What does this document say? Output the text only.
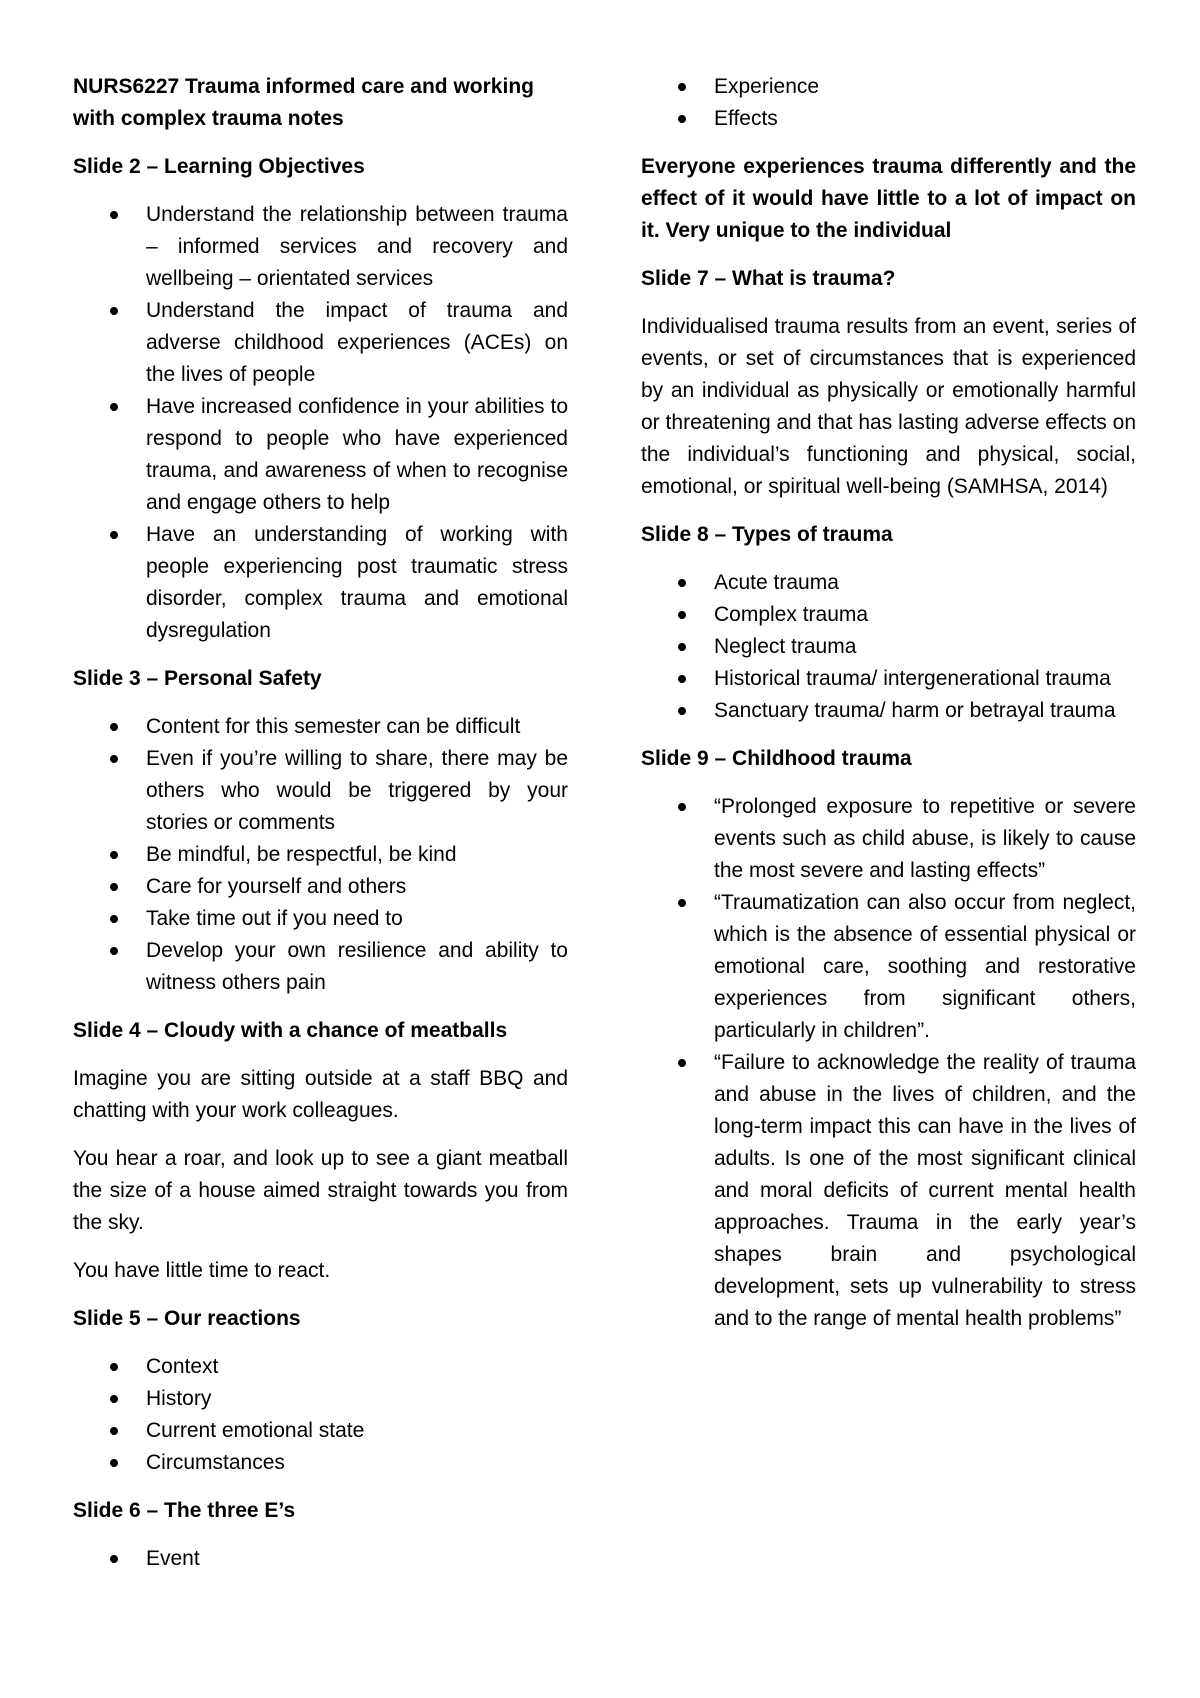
NURS6227 Trauma informed care and working with complex trauma notes
Slide 2 – Learning Objectives
Understand the relationship between trauma – informed services and recovery and wellbeing – orientated services
Understand the impact of trauma and adverse childhood experiences (ACEs) on the lives of people
Have increased confidence in your abilities to respond to people who have experienced trauma, and awareness of when to recognise and engage others to help
Have an understanding of working with people experiencing post traumatic stress disorder, complex trauma and emotional dysregulation
Slide 3 – Personal Safety
Content for this semester can be difficult
Even if you’re willing to share, there may be others who would be triggered by your stories or comments
Be mindful, be respectful, be kind
Care for yourself and others
Take time out if you need to
Develop your own resilience and ability to witness others pain
Slide 4 – Cloudy with a chance of meatballs

Imagine you are sitting outside at a staff BBQ and chatting with your work colleagues.

You hear a roar, and look up to see a giant meatball the size of a house aimed straight towards you from the sky.

You have little time to react.

Slide 5 – Our reactions
Context
History
Current emotional state
Circumstances
Slide 6 – The three E’s
Event
Experience
Effects

Everyone experiences trauma differently and the effect of it would have little to a lot of impact on it. Very unique to the individual

Slide 7 – What is trauma?

Individualised trauma results from an event, series of events, or set of circumstances that is experienced by an individual as physically or emotionally harmful or threatening and that has lasting adverse effects on the individual’s functioning and physical, social, emotional, or spiritual well-being (SAMHSA, 2014)

Slide 8 – Types of trauma
Acute trauma
Complex trauma
Neglect trauma
Historical trauma/ intergenerational trauma
Sanctuary trauma/ harm or betrayal trauma
Slide 9 – Childhood trauma
“Prolonged exposure to repetitive or severe events such as child abuse, is likely to cause the most severe and lasting effects”
“Traumatization can also occur from neglect, which is the absence of essential physical or emotional care, soothing and restorative experiences from significant others, particularly in children”.
“Failure to acknowledge the reality of trauma and abuse in the lives of children, and the long-term impact this can have in the lives of adults. Is one of the most significant clinical and moral deficits of current mental health approaches. Trauma in the early year’s shapes brain and psychological development, sets up vulnerability to stress and to the range of mental health problems”
